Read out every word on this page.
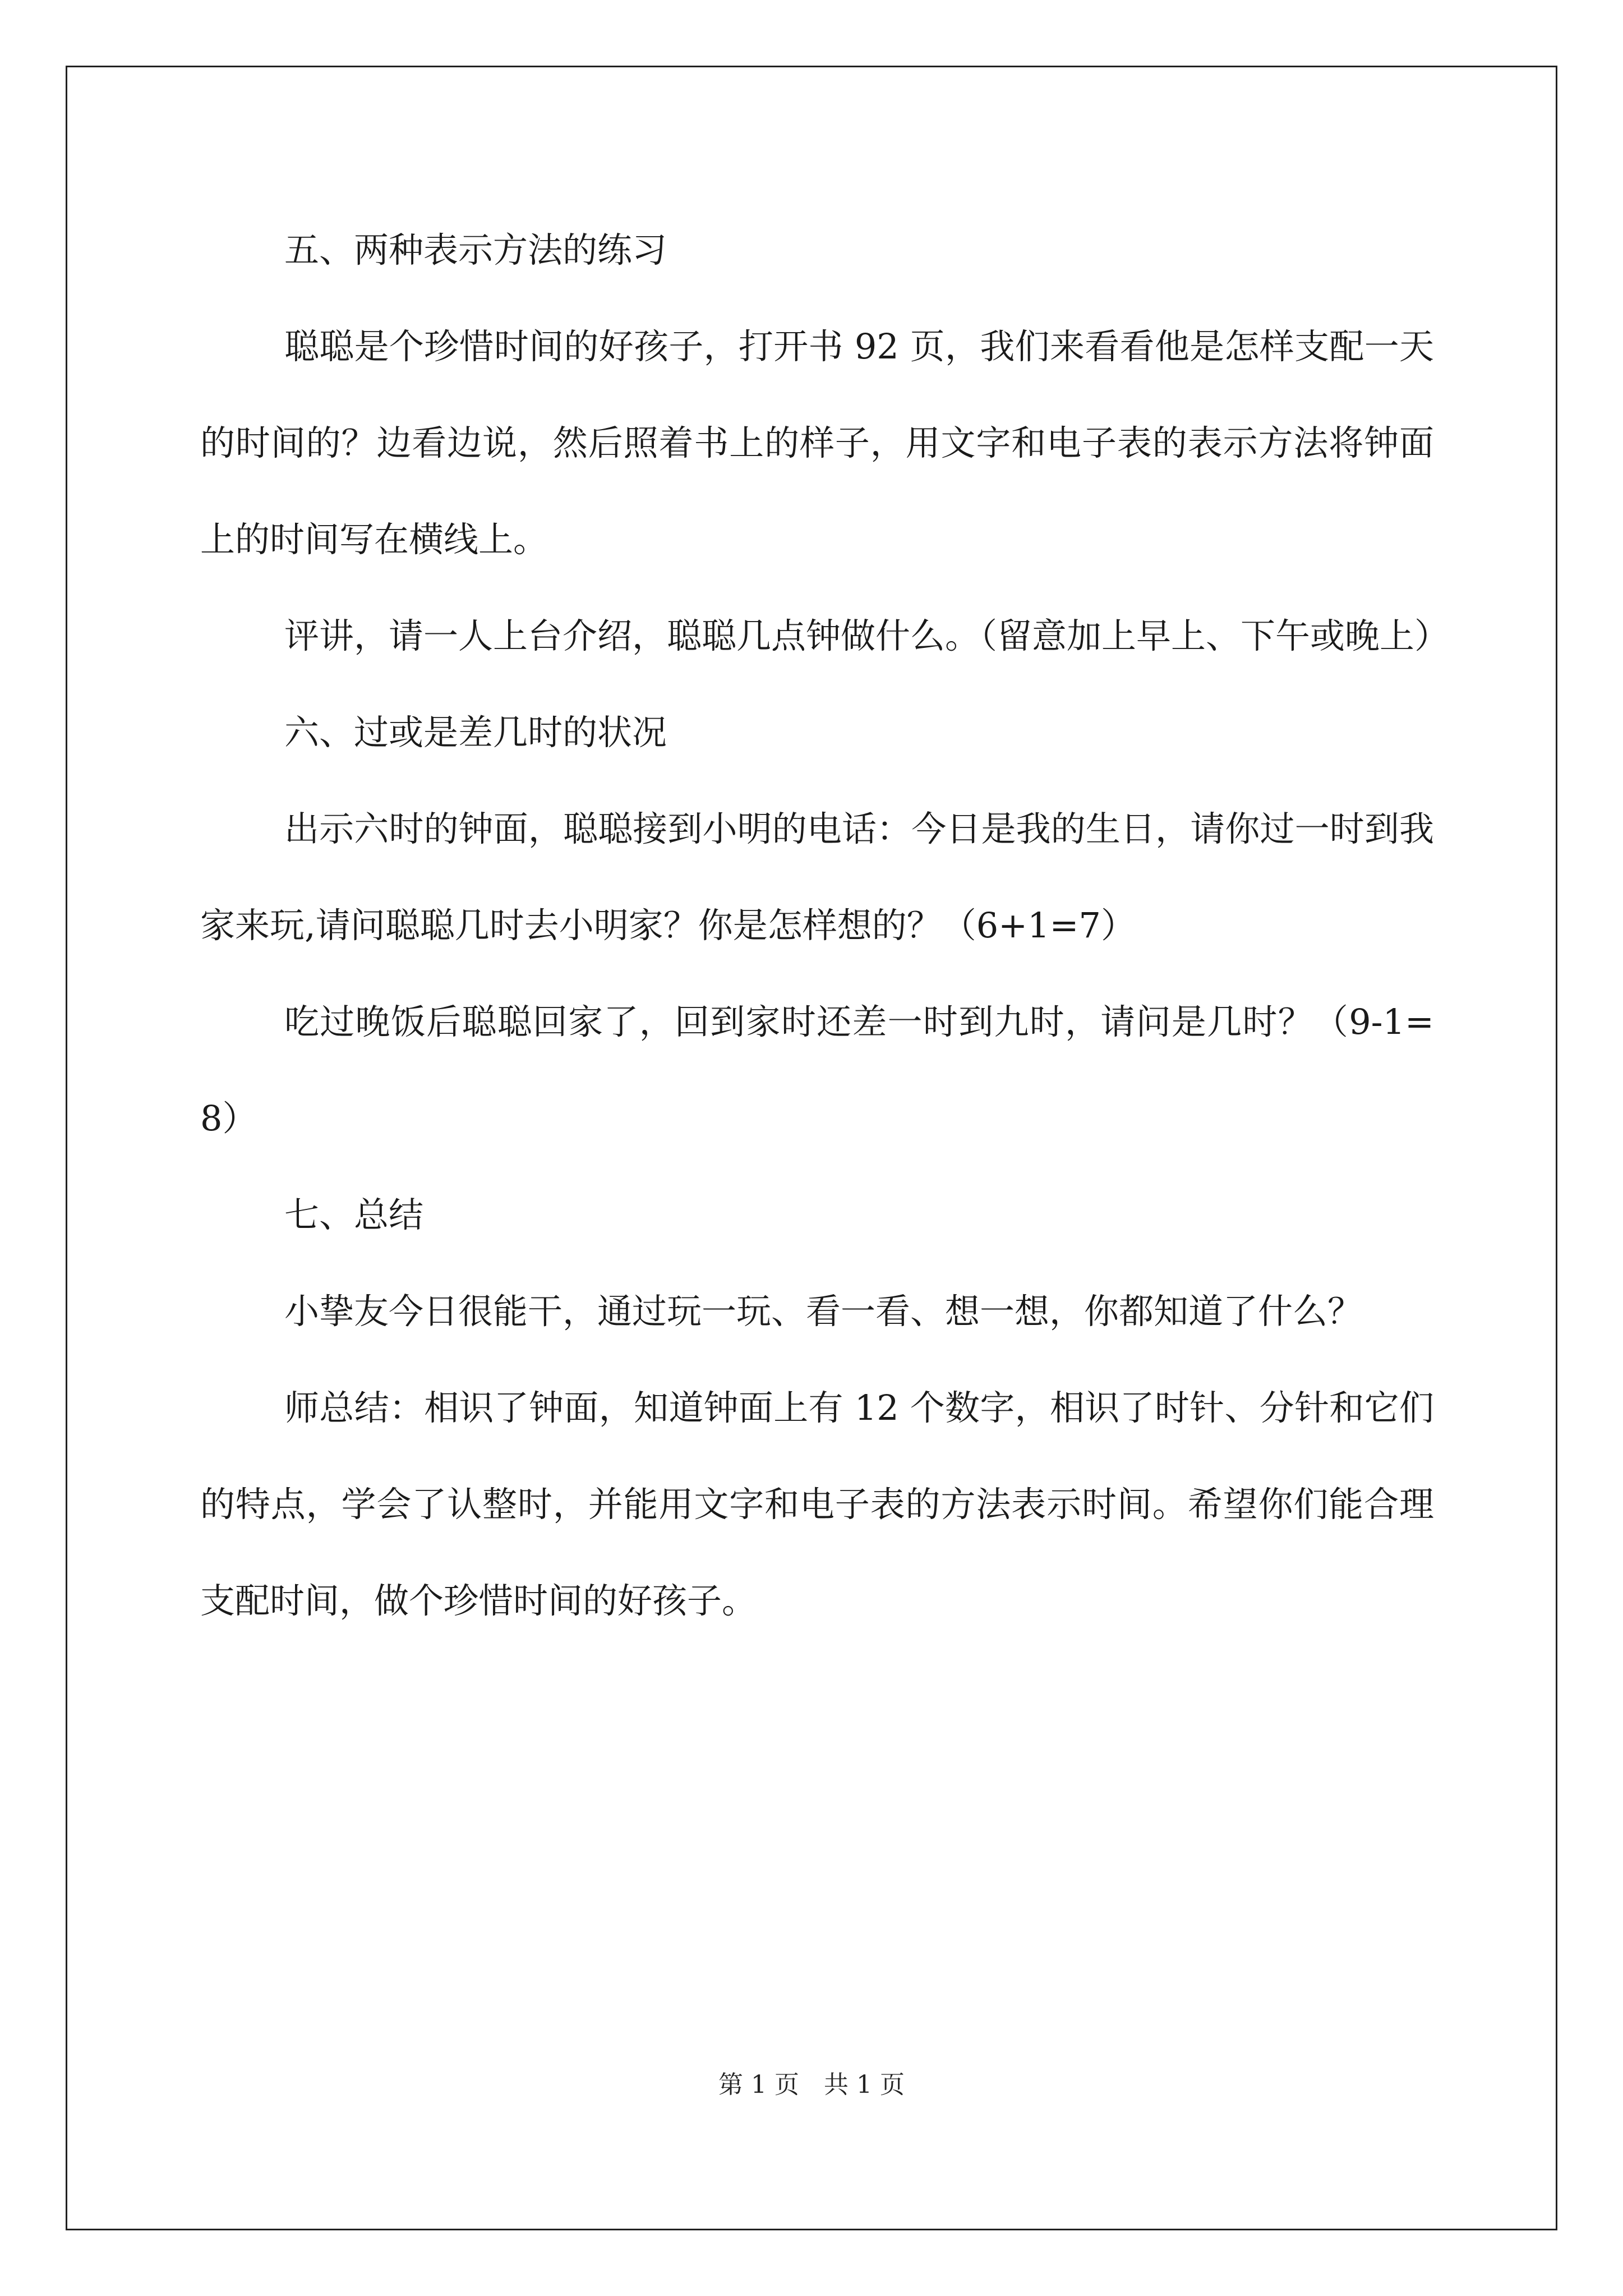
五、两种表示方法的练习

聪聪是个珍惜时间的好孩子，打开书 92 页，我们来看看他是怎样支配一天的时间的？边看边说，然后照着书上的样子，用文字和电子表的表示方法将钟面上的时间写在横线上。

评讲，请一人上台介绍，聪聪几点钟做什么。（留意加上早上、下午或晚上）

六、过或是差几时的状况

出示六时的钟面，聪聪接到小明的电话：今日是我的生日，请你过一时到我家来玩,请问聪聪几时去小明家？你是怎样想的？（6+1=7）

吃过晚饭后聪聪回家了，回到家时还差一时到九时，请问是几时？（9-1=8）

七、总结

小挚友今日很能干，通过玩一玩、看一看、想一想，你都知道了什么？

师总结：相识了钟面，知道钟面上有 12 个数字，相识了时针、分针和它们的特点，学会了认整时，并能用文字和电子表的方法表示时间。希望你们能合理支配时间，做个珍惜时间的好孩子。

第 1 页 共 1 页
